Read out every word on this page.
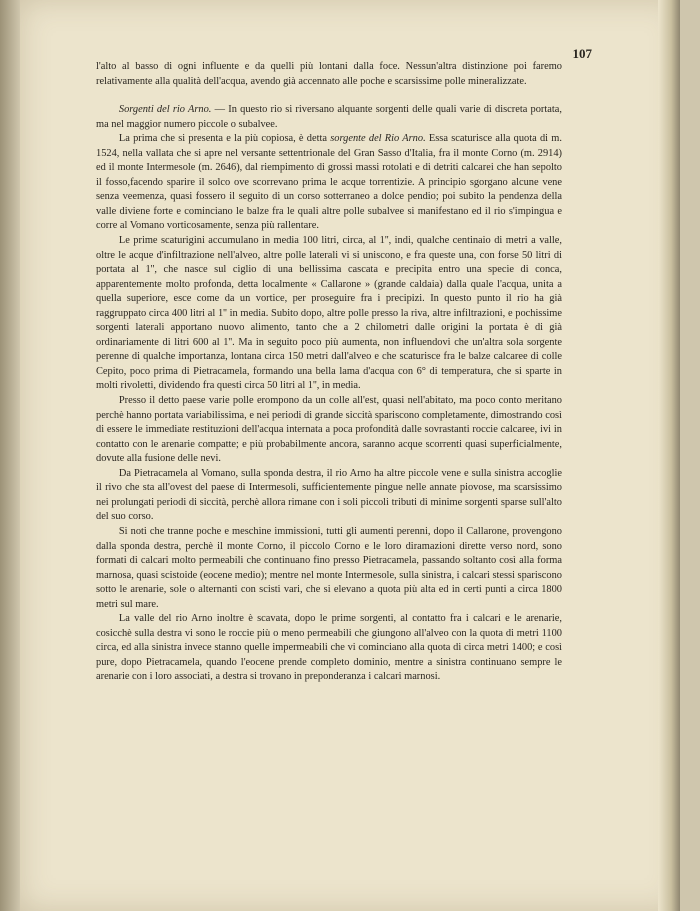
107

l'alto al basso di ogni influente e da quelli più lontani dalla foce. Nessun'altra distinzione poi faremo relativamente alla qualità dell'acqua, avendo già accennato alle poche e scarsissime polle mineralizzate.

Sorgenti del rio Arno. — In questo rio si riversano alquante sorgenti delle quali varie di discreta portata, ma nel maggior numero piccole o subalvee.

La prima che si presenta e la più copiosa, è detta sorgente del Rio Arno. Essa scaturisce alla quota di m. 1524, nella vallata che si apre nel versante settentrionale del Gran Sasso d'Italia, fra il monte Corno (m. 2914) ed il monte Intermesole (m. 2646), dal riempimento di grossi massi rotolati e di detriti calcarei che han sepolto il fosso,facendo sparire il solco ove scorrevano prima le acque torrentizie. A principio sgorgano alcune vene senza veemenza, quasi fossero il seguito di un corso sotterraneo a dolce pendio; poi subito la pendenza della valle diviene forte e cominciano le balze fra le quali altre polle subalvee si manifestano ed il rio s'impingua e corre al Vomano vorticosamente, senza più rallentare.

Le prime scaturigini accumulano in media 100 litri, circa, al 1'', indi, qualche centinaio di metri a valle, oltre le acque d'infiltrazione nell'alveo, altre polle laterali vi si uniscono, e fra queste una, con forse 50 litri di portata al 1'', che nasce sul ciglio di una bellissima cascata e precipita entro una specie di conca, apparentemente molto profonda, detta localmente « Callarone » (grande caldaia) dalla quale l'acqua, unita a quella superiore, esce come da un vortice, per proseguire fra i precipizi. In questo punto il rio ha già raggruppato circa 400 litri al 1'' in media. Subito dopo, altre polle presso la riva, altre infiltrazioni, e pochissime sorgenti laterali apportano nuovo alimento, tanto che a 2 chilometri dalle origini la portata è di già ordinariamente di litri 600 al 1''. Ma in seguito poco più aumenta, non influendovi che un'altra sola sorgente perenne di qualche importanza, lontana circa 150 metri dall'alveo e che scaturisce fra le balze calcaree di colle Cepito, poco prima di Pietracamela, formando una bella lama d'acqua con 6° di temperatura, che si sparte in molti rivoletti, dividendo fra questi circa 50 litri al 1'', in media.

Presso il detto paese varie polle erompono da un colle all'est, quasi nell'abitato, ma poco conto meritano perchè hanno portata variabilissima, e nei periodi di grande siccità spariscono completamente, dimostrando così di essere le immediate restituzioni dell'acqua internata a poca profondità dalle sovrastanti roccie calcaree, ivi in contatto con le arenarie compatte; e più probabilmente ancora, saranno acque scorrenti quasi superficialmente, dovute alla fusione delle nevi.

Da Pietracamela al Vomano, sulla sponda destra, il rio Arno ha altre piccole vene e sulla sinistra accoglie il rivo che sta all'ovest del paese di Intermesoli, sufficientemente pingue nelle annate piovose, ma scarsissimo nei prolungati periodi di siccità, perchè allora rimane con i soli piccoli tributi di minime sorgenti sparse sull'alto del suo corso.

Si noti che tranne poche e meschine immissioni, tutti gli aumenti perenni, dopo il Callarone, provengono dalla sponda destra, perchè il monte Corno, il piccolo Corno e le loro diramazioni dirette verso nord, sono formati di calcari molto permeabili che continuano fino presso Pietracamela, passando soltanto così alla forma marnosa, quasi scistoide (eocene medio); mentre nel monte Intermesole, sulla sinistra, i calcari stessi spariscono sotto le arenarie, sole o alternanti con scisti vari, che si elevano a quota più alta ed in certi punti a circa 1800 metri sul mare.

La valle del rio Arno inoltre è scavata, dopo le prime sorgenti, al contatto fra i calcari e le arenarie, cosicchè sulla destra vi sono le roccie più o meno permeabili che giungono all'alveo con la quota di metri 1100 circa, ed alla sinistra invece stanno quelle impermeabili che vi cominciano alla quota di circa metri 1400; e così pure, dopo Pietracamela, quando l'eocene prende completo dominio, mentre a sinistra continuano sempre le arenarie con i loro associati, a destra si trovano in preponderanza i calcari marnosi.
